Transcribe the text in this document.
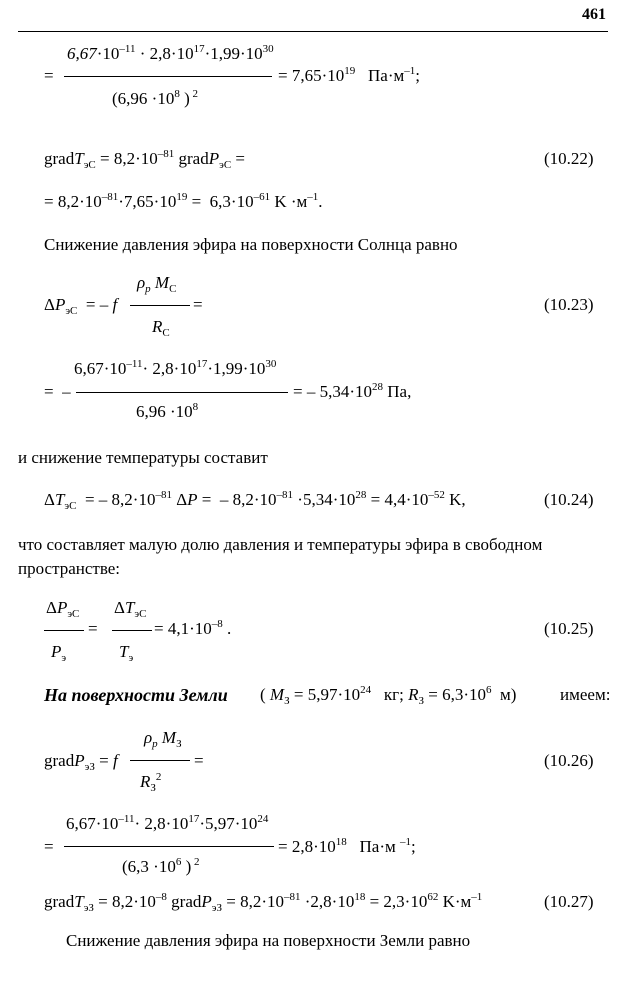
461
=
$6,67\cdot 10^{-11} \cdot 2,8\cdot 10^{17}\cdot 1,99\cdot 10^{30}$
($6,96 \cdot 10^8$ ) $^2$
= $7,65\cdot 10^{19}$   $Па\cdot м^{-1}$;
gradT$_{эС}$ = $8,2\cdot 10^{-81}$ gradP$_{эС}$ =	(10.22)
= $8,2\cdot 10^{-81}\cdot 7,65\cdot 10^{19} = 6,3\cdot 10^{-61}$ $K \cdot м^{-1}$.
Снижение давления эфира на поверхности Солнца равно
$\Delta P_{эС}$  = – f
$\rho_р$ $M_С$
$R_С$
=	(10.23)
=  –
$6,67\cdot 10^{-11}\cdot 2,8\cdot 10^{17}\cdot 1,99\cdot 10^{30}$
$6,96 \cdot 10^8$
= – $5,34\cdot 10^{28}$ Па,
и снижение температуры составит
$\Delta T_{эС}$  = – $8,2\cdot 10^{-81}$ ΔP =  – $8,2\cdot 10^{-81} \cdot 5,34\cdot 10^{28} = 4,4\cdot 10^{-52}$ K,	(10.24)
что составляет малую долю давления и температуры эфира в свободном пространстве:
$\Delta P_{эС}$
$P_э$
=
$\Delta T_{эС}$
$T_э$
= $4,1\cdot 10^{-8}$ .	(10.25)
На поверхности Земли ( $M_З = 5,97\cdot 10^{24}$   кг; $R_З = 6,3\cdot 10^6$  м)	имеем:
gradP$_{эЗ}$ = f
$\rho_р$ $M_З$
$R_З^2$
=	(10.26)
=
$6,67\cdot 10^{-11}\cdot 2,8\cdot 10^{17}\cdot 5,97\cdot 10^{24}$
($6,3 \cdot 10^6$ ) $^2$
= $2,8\cdot 10^{18}$   Па·м $^{-1}$;
gradT$_{эЗ}$ = $8,2\cdot 10^{-8}$ gradP$_{эЗ}$ = $8,2\cdot 10^{-81} \cdot 2,8\cdot 10^{18} = 2,3\cdot 10^{62}$ $K\cdot м^{-1}$	(10.27)
Снижение давления эфира на поверхности Земли равно
